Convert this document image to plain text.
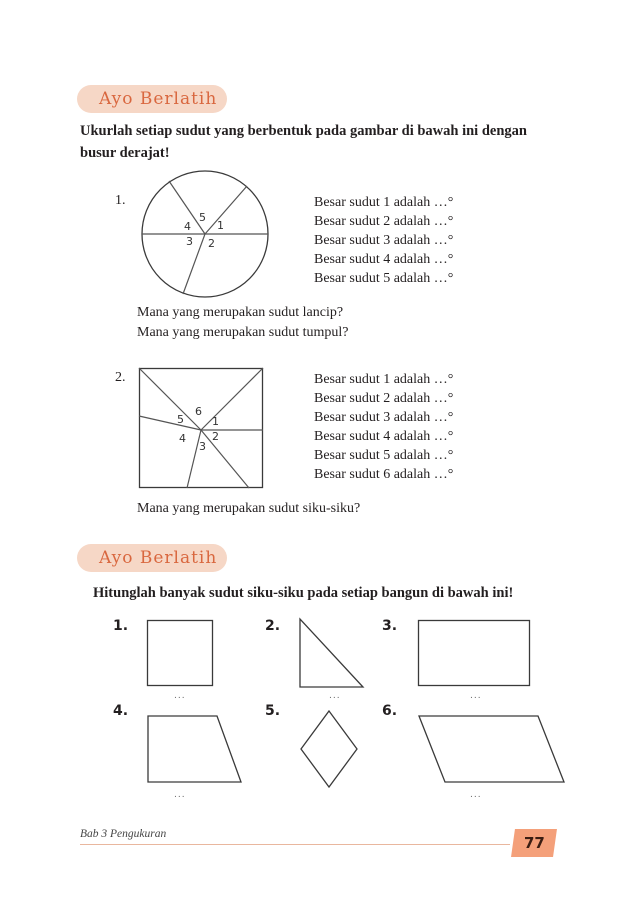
Ayo Berlatih
Ukurlah setiap sudut yang berbentuk pada gambar di bawah ini dengan
busur derajat!
1.
1
2
3
4
5
Besar sudut 1 adalah …°
Besar sudut 2 adalah …°
Besar sudut 3 adalah …°
Besar sudut 4 adalah …°
Besar sudut 5 adalah …°
Mana yang merupakan sudut lancip?
Mana yang merupakan sudut tumpul?
2.
1
2
3
4
5
6
Besar sudut 1 adalah …°
Besar sudut 2 adalah …°
Besar sudut 3 adalah …°
Besar sudut 4 adalah …°
Besar sudut 5 adalah …°
Besar sudut 6 adalah …°
Mana yang merupakan sudut siku-siku?
Ayo Berlatih
Hitunglah banyak sudut siku-siku pada setiap bangun di bawah ini!
1.
...
2.
...
3.
...
4.
...
5.	6.
...
Bab 3 Pengukuran	77
